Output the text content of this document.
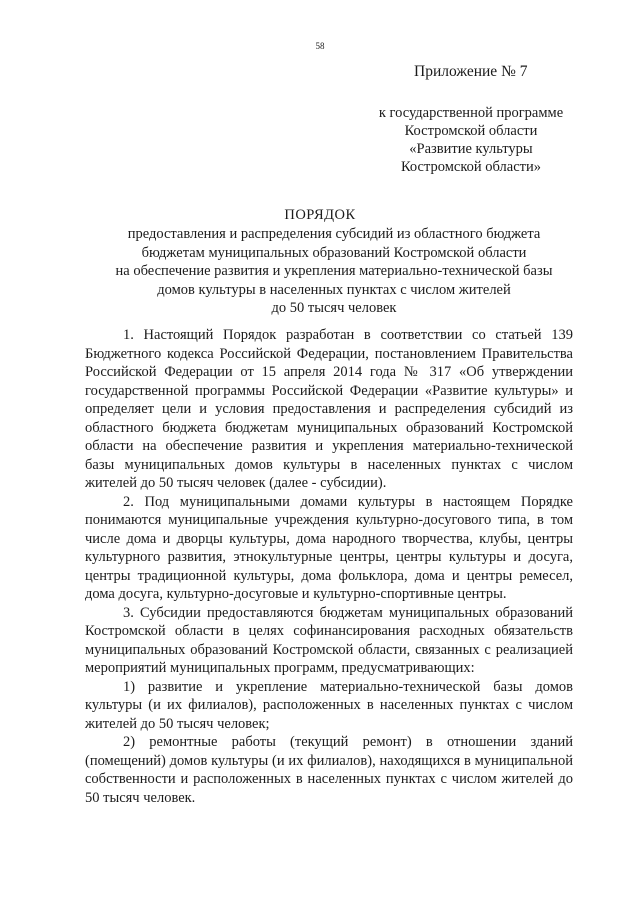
58
Приложение № 7
к государственной программе
Костромской области
«Развитие культуры
Костромской области»
ПОРЯДОК
предоставления и распределения субсидий из областного бюджета
бюджетам муниципальных образований Костромской области
на обеспечение развития и укрепления материально-технической базы
домов культуры в населенных пунктах с числом жителей
до 50 тысяч человек

1. Настоящий Порядок разработан в соответствии со статьей 139 Бюджетного кодекса Российской Федерации, постановлением Правительства Российской Федерации от 15 апреля 2014 года № 317 «Об утверждении государственной программы Российской Федерации «Развитие культуры» и определяет цели и условия предоставления и распределения субсидий из областного бюджета бюджетам муниципальных образований Костромской области на обеспечение развития и укрепления материально-технической базы муниципальных домов культуры в населенных пунктах с числом жителей до 50 тысяч человек (далее - субсидии).

2. Под муниципальными домами культуры в настоящем Порядке понимаются муниципальные учреждения культурно-досугового типа, в том числе дома и дворцы культуры, дома народного творчества, клубы, центры культурного развития, этнокультурные центры, центры культуры и досуга, центры традиционной культуры, дома фольклора, дома и центры ремесел, дома досуга, культурно-досуговые и культурно-спортивные центры.

3. Субсидии предоставляются бюджетам муниципальных образований Костромской области в целях софинансирования расходных обязательств муниципальных образований Костромской области, связанных с реализацией мероприятий муниципальных программ, предусматривающих:

1) развитие и укрепление материально-технической базы домов культуры (и их филиалов), расположенных в населенных пунктах с числом жителей до 50 тысяч человек;

2) ремонтные работы (текущий ремонт) в отношении зданий (помещений) домов культуры (и их филиалов), находящихся в муниципальной собственности и расположенных в населенных пунктах с числом жителей до 50 тысяч человек.
